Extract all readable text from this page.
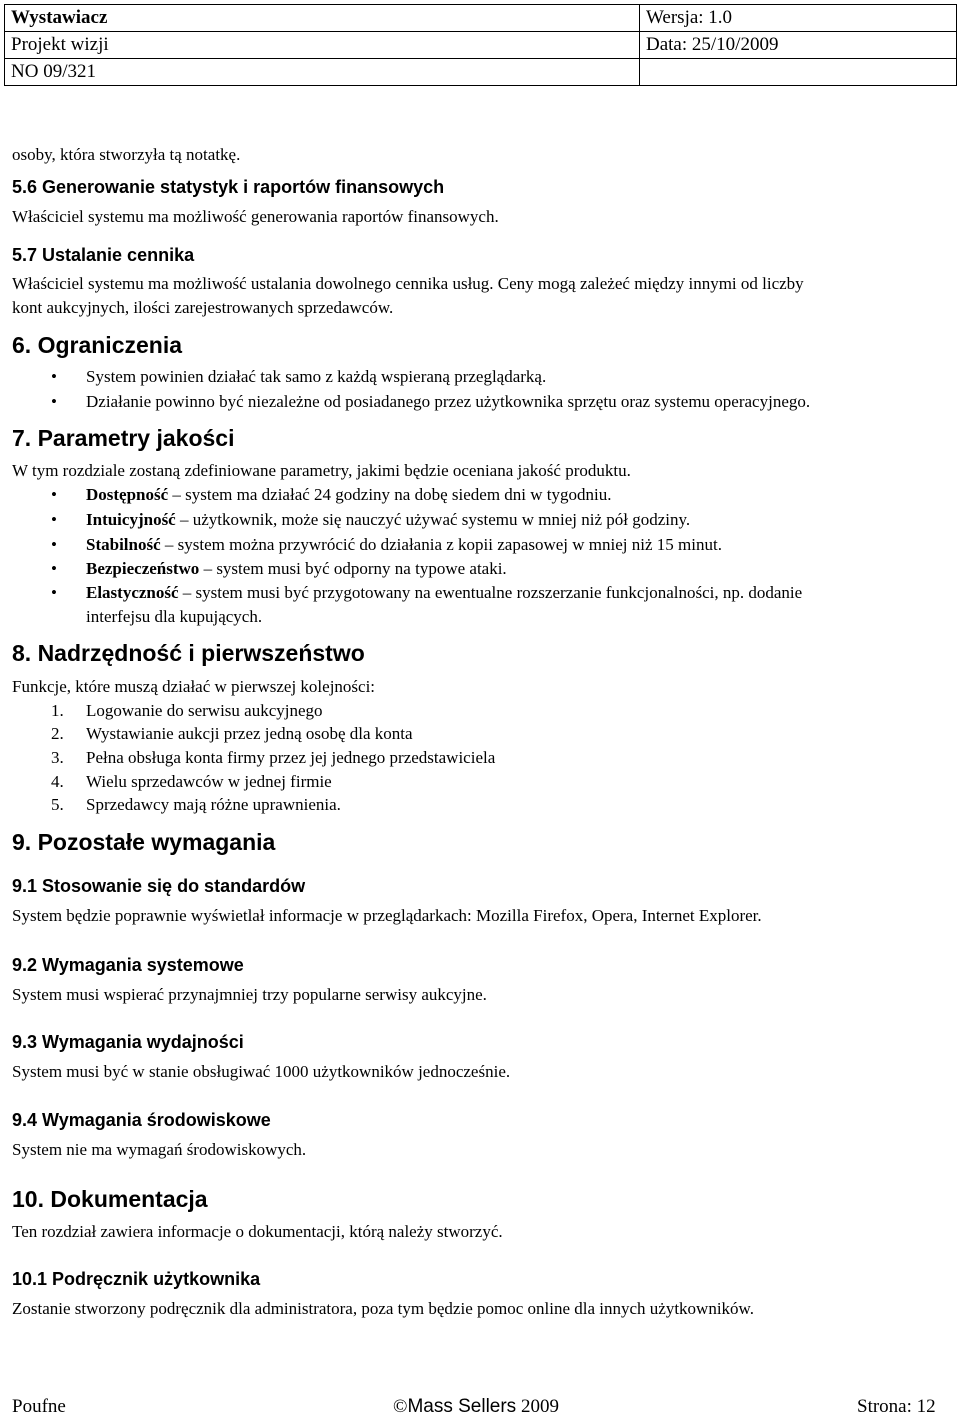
Wystawiacz	Wersja: 1.0
Projekt wizji	Data: 25/10/2009
NO 09/321	
osoby, która stworzyła tą notatkę.
5.6 Generowanie statystyk i raportów finansowych
Właściciel systemu ma możliwość generowania raportów finansowych.
5.7 Ustalanie cennika
Właściciel systemu ma możliwość ustalania dowolnego cennika usług. Ceny mogą zależeć między innymi od liczby
kont aukcyjnych, ilości zarejestrowanych sprzedawców.
6. Ograniczenia
• System powinien działać tak samo z każdą wspieraną przeglądarką.
• Działanie powinno być niezależne od posiadanego przez użytkownika sprzętu oraz systemu operacyjnego.
7. Parametry jakości
W tym rozdziale zostaną zdefiniowane parametry, jakimi będzie oceniana jakość produktu.
• Dostępność – system ma działać 24 godziny na dobę siedem dni w tygodniu.
• Intuicyjność – użytkownik, może się nauczyć używać systemu w mniej niż pół godziny.
• Stabilność – system można przywrócić do działania z kopii zapasowej w mniej niż 15 minut.
• Bezpieczeństwo – system musi być odporny na typowe ataki.
• Elastyczność – system musi być przygotowany na ewentualne rozszerzanie funkcjonalności, np. dodanie
interfejsu dla kupujących.
8. Nadrzędność i pierwszeństwo
Funkcje, które muszą działać w pierwszej kolejności:
1. Logowanie do serwisu aukcyjnego
2. Wystawianie aukcji przez jedną osobę dla konta
3. Pełna obsługa konta firmy przez jej jednego przedstawiciela
4. Wielu sprzedawców w jednej firmie
5. Sprzedawcy mają różne uprawnienia.
9. Pozostałe wymagania
9.1 Stosowanie się do standardów
System będzie poprawnie wyświetlał informacje w przeglądarkach: Mozilla Firefox, Opera, Internet Explorer.
9.2 Wymagania systemowe
System musi wspierać przynajmniej trzy popularne serwisy aukcyjne.
9.3 Wymagania wydajności
System musi być w stanie obsługiwać 1000 użytkowników jednocześnie.
9.4 Wymagania środowiskowe
System nie ma wymagań środowiskowych.
10. Dokumentacja
Ten rozdział zawiera informacje o dokumentacji, którą należy stworzyć.
10.1 Podręcznik użytkownika
Zostanie stworzony podręcznik dla administratora, poza tym będzie pomoc online dla innych użytkowników.
Poufne	©Mass Sellers 2009	Strona: 12
